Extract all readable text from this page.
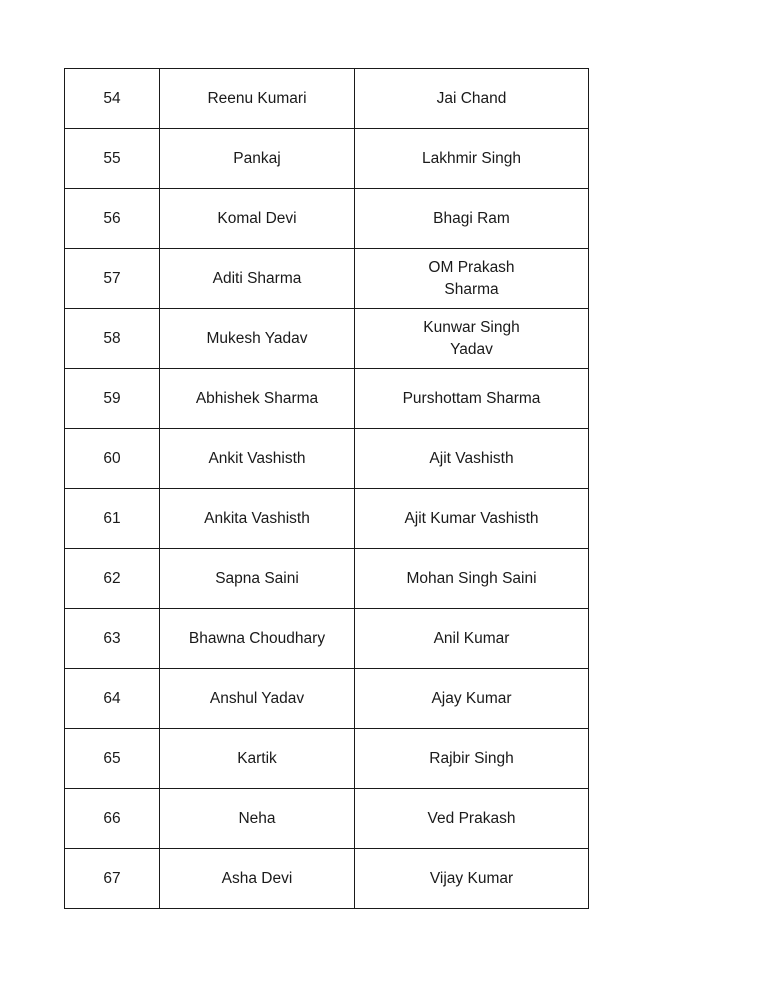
54	Reenu Kumari	Jai Chand
55	Pankaj	Lakhmir Singh
56	Komal Devi	Bhagi Ram
57	Aditi Sharma	OM Prakash Sharma
58	Mukesh Yadav	Kunwar Singh Yadav
59	Abhishek Sharma	Purshottam Sharma
60	Ankit Vashisth	Ajit Vashisth
61	Ankita Vashisth	Ajit Kumar Vashisth
62	Sapna Saini	Mohan Singh Saini
63	Bhawna Choudhary	Anil Kumar
64	Anshul Yadav	Ajay Kumar
65	Kartik	Rajbir Singh
66	Neha	Ved Prakash
67	Asha Devi	Vijay Kumar
